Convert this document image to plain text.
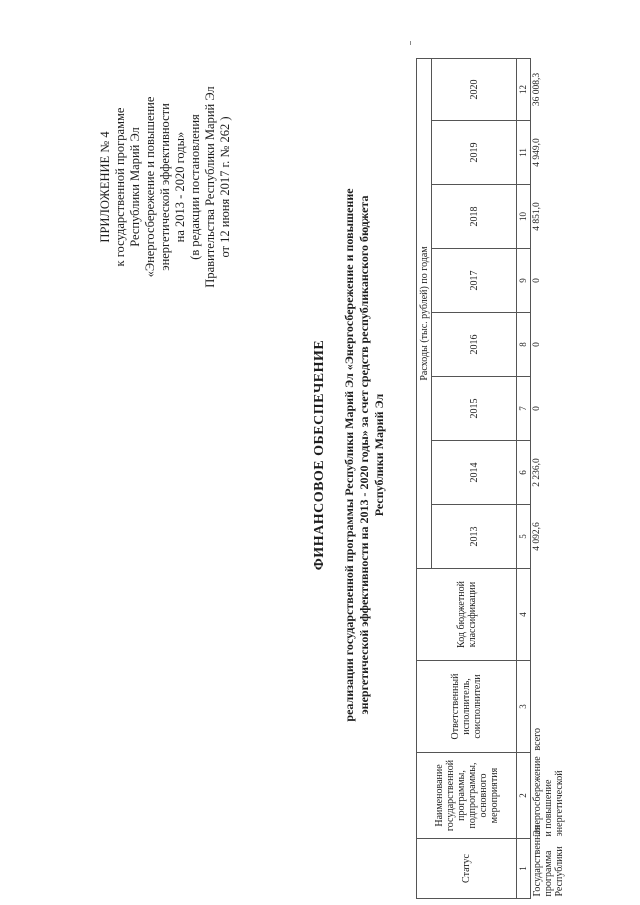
ПРИЛОЖЕНИЕ № 4 к государственной программе Республики Марий Эл «Энергосбережение и повышение энергетической эффективности на 2013 - 2020 годы» (в редакции постановления Правительства Республики Марий Эл от 12 июня 2017 г. № 262 )
ФИНАНСОВОЕ ОБЕСПЕЧЕНИЕ реализации государственной программы Республики Марий Эл «Энергосбережение и повышение энергетической эффективности на 2013 - 2020 годы» за счет средств республиканского бюджета Республики Марий Эл
Статус	Наименование государственной программы, подпрограммы, основного мероприятия	Ответственный исполнитель, соисполнители	Код бюджетной классификации	Расходы (тыс. рублей) по годам							
				2013	2014	2015	2016	2017	2018	2019	2020
1	2	3	4	5	6	7	8	9	10	11	12
Государственная программа Республики	Энергосбережение и повышение энергетической	всего		4 092,6	2 236,0	0	0	0	4 851,0	4 949,0	36 008,3
